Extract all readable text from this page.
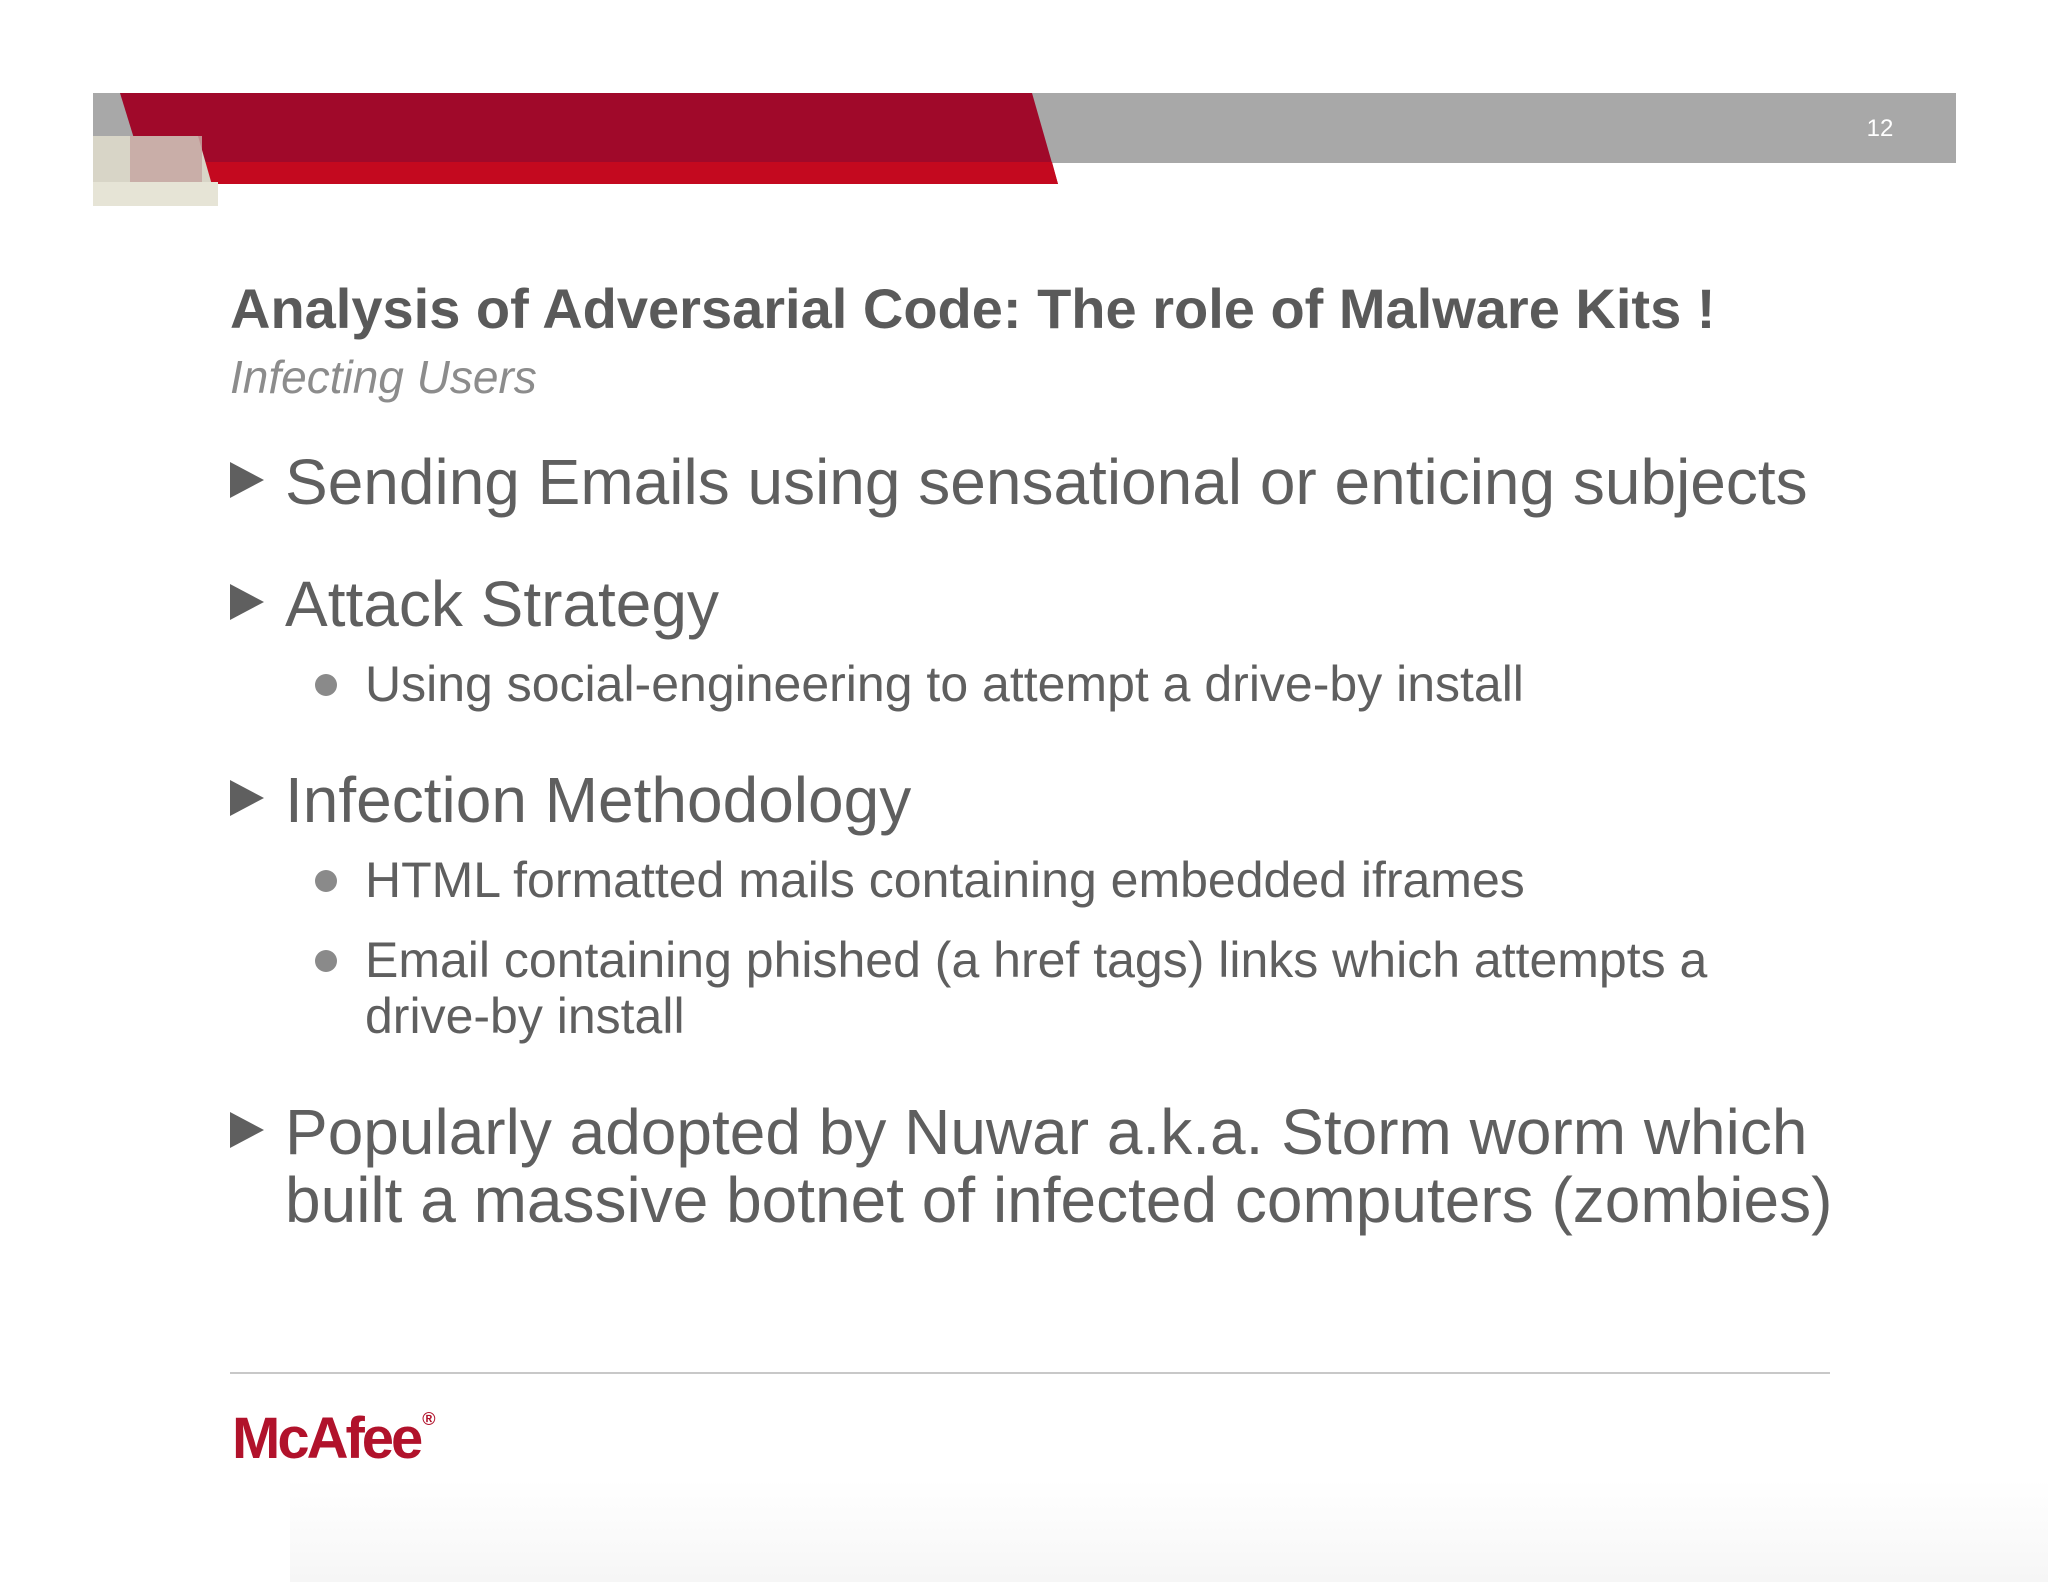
12
Analysis of Adversarial Code: The role of Malware Kits !
Infecting Users
Sending Emails using sensational or enticing subjects
Attack Strategy
Using social-engineering to attempt a drive-by install
Infection Methodology
HTML formatted mails containing embedded iframes
Email containing phished (a href tags) links which attempts a drive-by install
Popularly adopted by Nuwar a.k.a. Storm worm which built a massive botnet of infected computers (zombies)
McAfee ®
